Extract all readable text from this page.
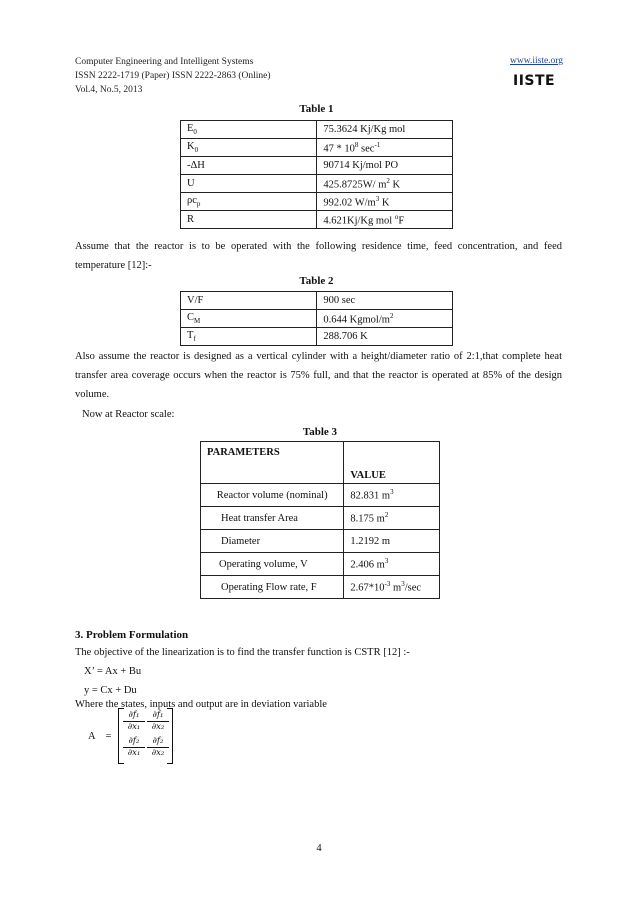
Computer Engineering and Intelligent Systems
ISSN 2222-1719 (Paper) ISSN 2222-2863 (Online)
Vol.4, No.5, 2013
www.iiste.org
IISTE
Table 1
$E_0$	75.3624 Kj/Kg mol
$K_0$	$47 * 10^8$ $\sec^{-1}$
-ΔH	90714 Kj/mol PO
U	425.8725W/ $m^2$ K
$\rho c_p$	992.02 $W/m^3$ K
R	4.621Kj/Kg mol $^o$F
Assume that the reactor is to be operated with the following residence time, feed concentration, and feed temperature [12]:-
Table 2
V/F	900 sec
$C_M$	0.644 Kgmol/$m^2$
$T_f$	288.706 K
Also assume the reactor is designed as a vertical cylinder with a height/diameter ratio of 2:1,that complete heat transfer area coverage occurs when the reactor is 75% full, and that the reactor is operated at 85% of the design volume.
Now at Reactor scale:
Table 3
PARAMETERS	VALUE
Reactor volume (nominal)	82.831 $m^3$
Heat transfer Area	8.175 $m^2$
Diameter	1.2192 m
Operating volume, V	2.406 $m^3$
Operating Flow rate, F	$2.67*10^{-3}$ $m^3/\sec$
3. Problem Formulation
The objective of the linearization is to find the transfer function is CSTR [12] :-
X’ = Ax + Bu
y = Cx + Du
Where the states, inputs and output are in deviation variable
A    =
$\frac{\text{∂f₁}}{\text{∂x₁}} \frac{\text{∂f₁}}{\text{∂x₂}}$
$\frac{\text{∂f₂}}{\text{∂x₁}} \frac{\text{∂f₂}}{\text{∂x₂}}$
4
